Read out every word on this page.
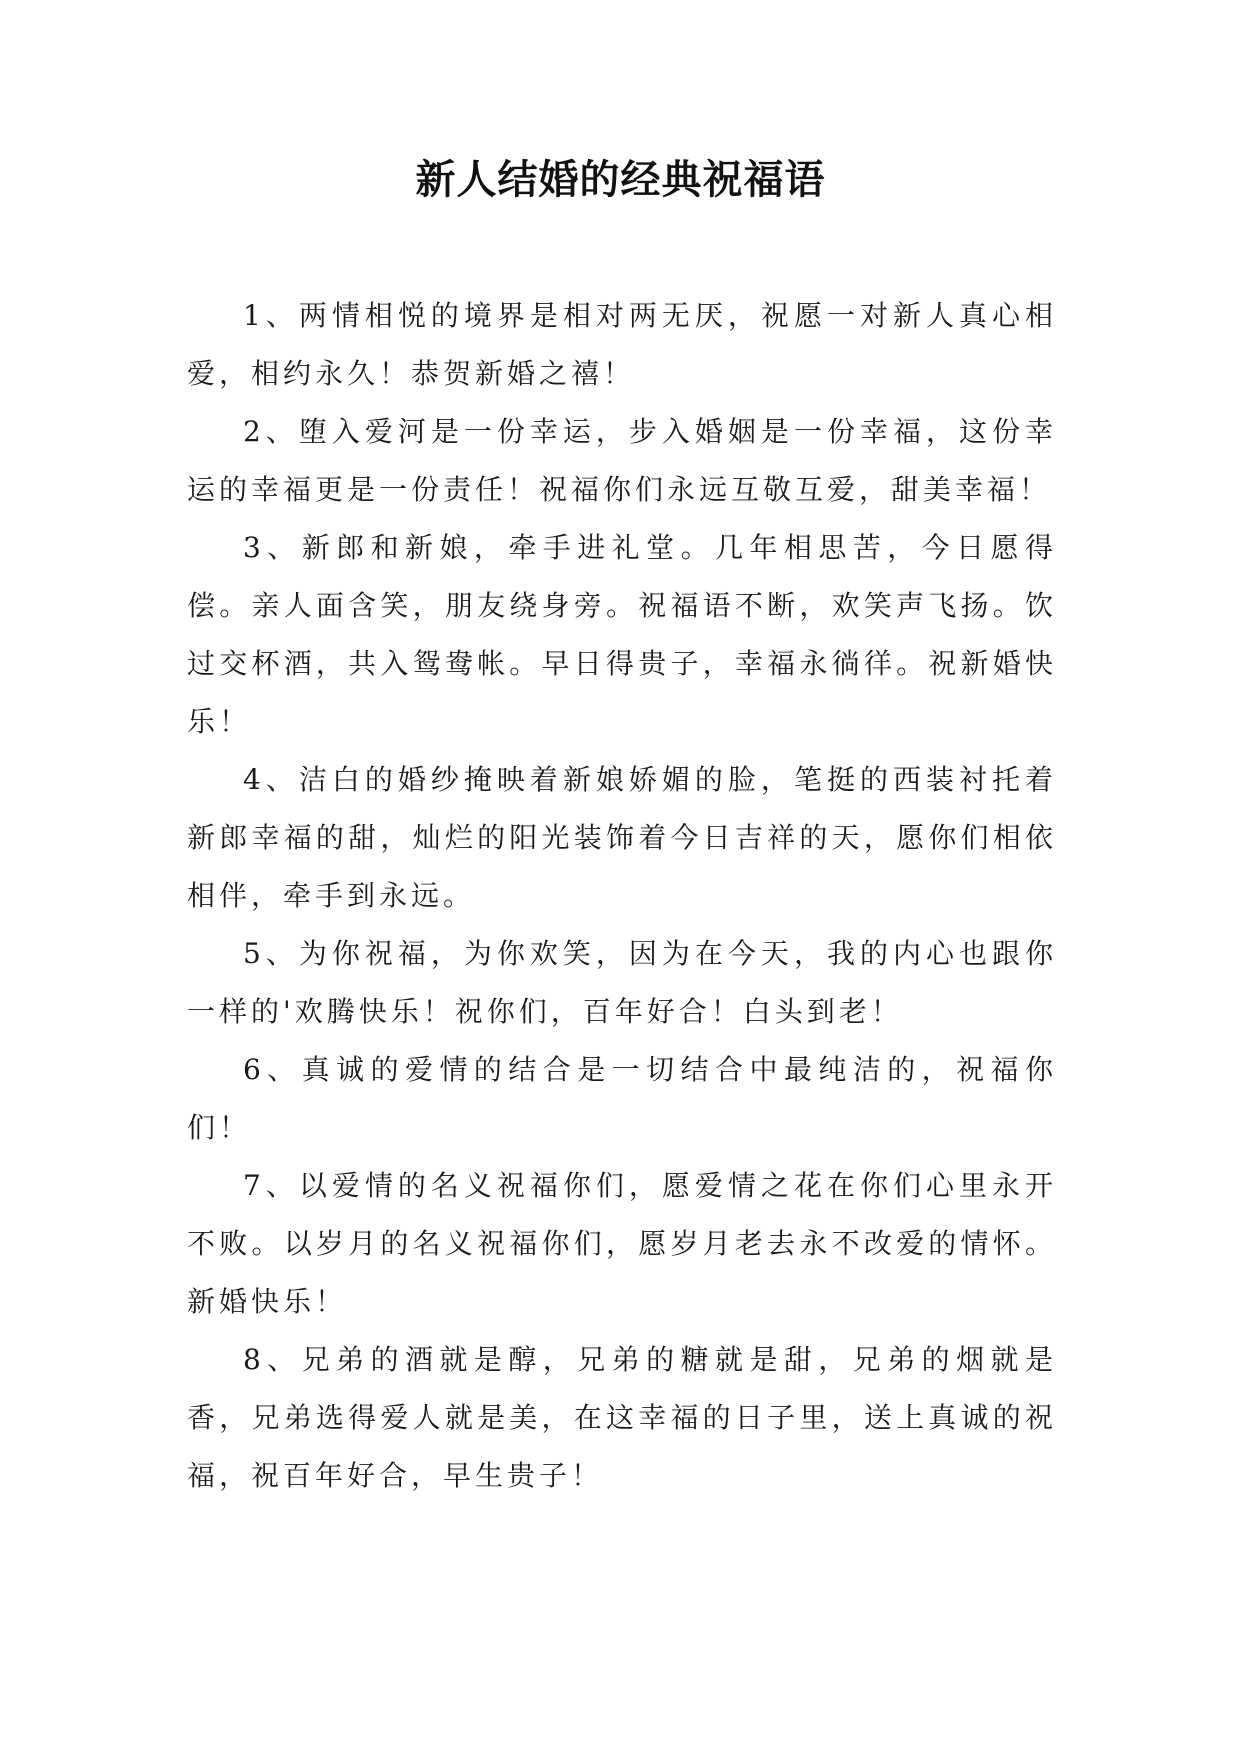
新人结婚的经典祝福语

1、两情相悦的境界是相对两无厌，祝愿一对新人真心相爱，相约永久！恭贺新婚之禧！

2、堕入爱河是一份幸运，步入婚姻是一份幸福，这份幸运的幸福更是一份责任！祝福你们永远互敬互爱，甜美幸福！

3、新郎和新娘，牵手进礼堂。几年相思苦，今日愿得偿。亲人面含笑，朋友绕身旁。祝福语不断，欢笑声飞扬。饮过交杯酒，共入鸳鸯帐。早日得贵子，幸福永徜徉。祝新婚快乐！

4、洁白的婚纱掩映着新娘娇媚的脸，笔挺的西装衬托着新郎幸福的甜，灿烂的阳光装饰着今日吉祥的天，愿你们相依相伴，牵手到永远。

5、为你祝福，为你欢笑，因为在今天，我的内心也跟你一样的'欢腾快乐！祝你们，百年好合！白头到老！

6、真诚的爱情的结合是一切结合中最纯洁的，祝福你们！

7、以爱情的名义祝福你们，愿爱情之花在你们心里永开不败。以岁月的名义祝福你们，愿岁月老去永不改爱的情怀。新婚快乐！

8、兄弟的酒就是醇，兄弟的糖就是甜，兄弟的烟就是香，兄弟选得爱人就是美，在这幸福的日子里，送上真诚的祝福，祝百年好合，早生贵子！
